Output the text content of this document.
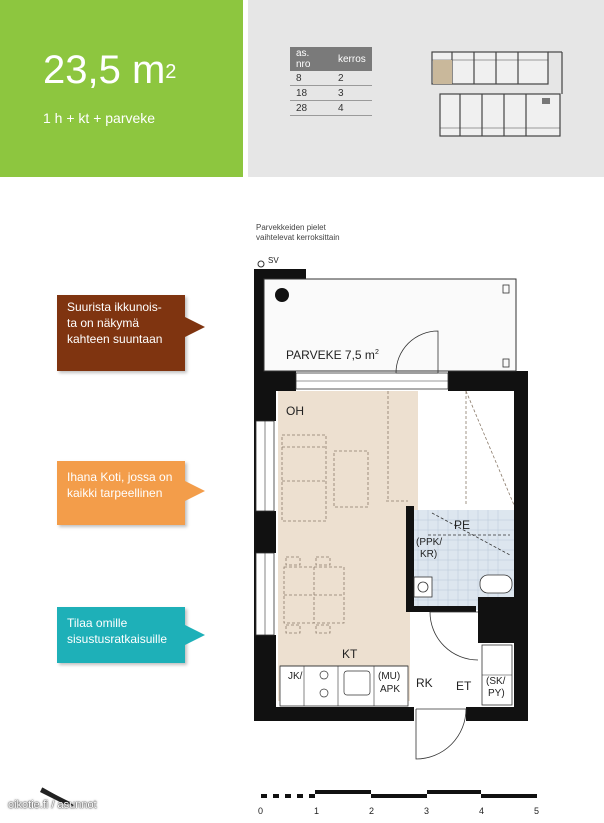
23,5 $m^2$
1 h + kt + parveke
as. nro	kerros
8	2
18	3
28	4
Parvekkeiden pielet
vaihtelevat kerroksittain
Suurista ikkunois-
ta on näkymä
kahteen suuntaan
Ihana Koti, jossa on
kaikki tarpeellinen
Tilaa omille
sisustusratkaisuille
SV
PARVEKE 7,5 $m^2$
OH
KT
PE
(PPK/
KR)
JK/	(MU)
APK RK ET (SK/
PY)
0	1	2	3	4	5
oikotie.fi / asunnot
